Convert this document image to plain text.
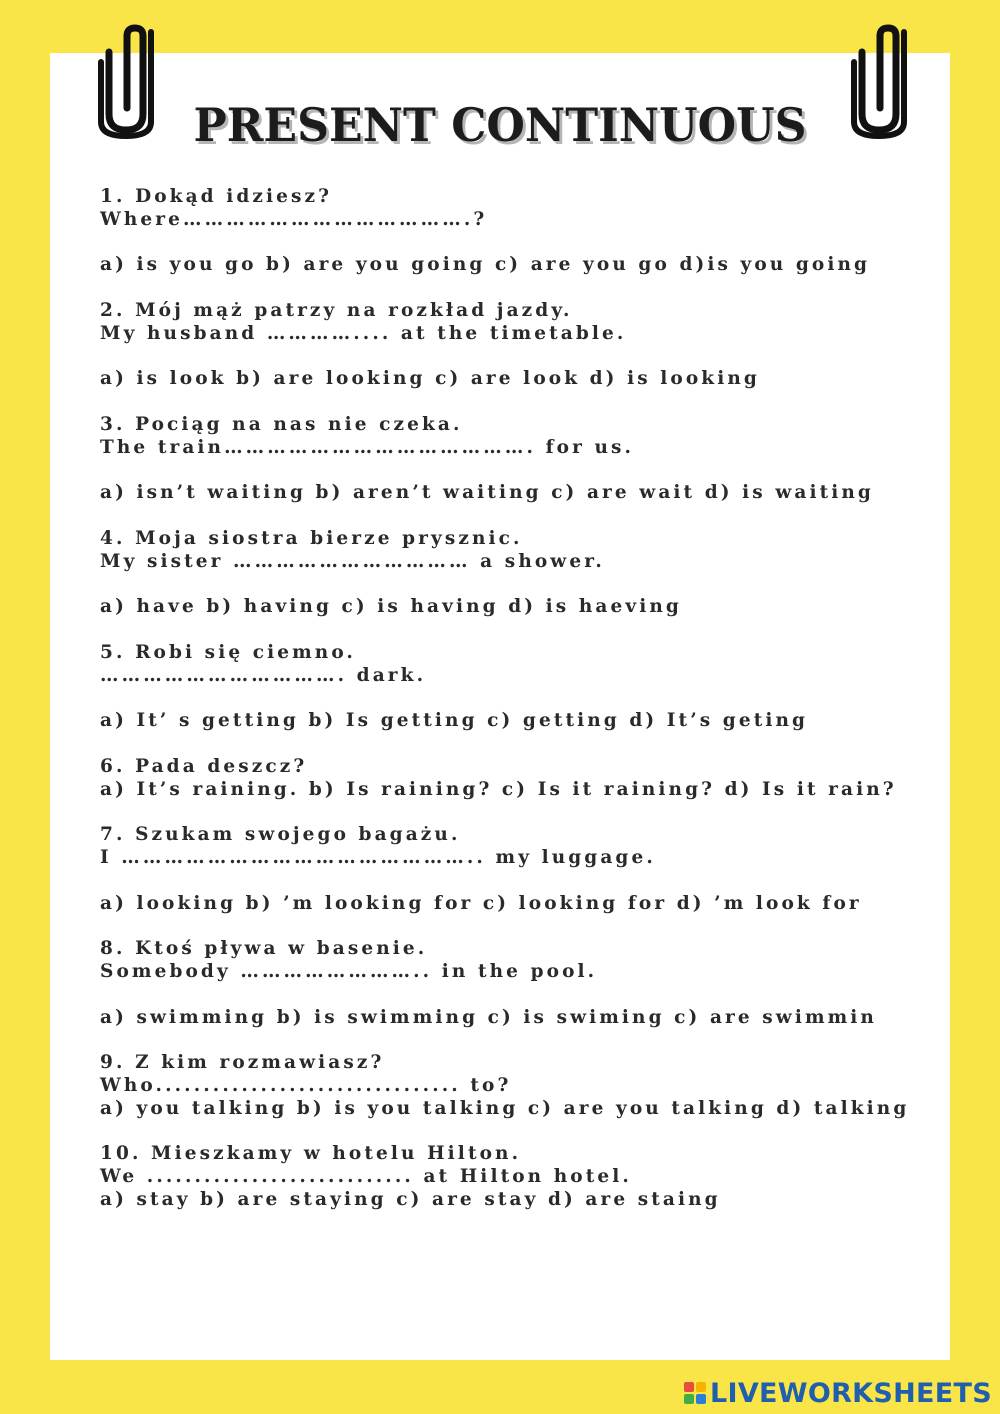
PRESENT CONTINUOUS
1. Dokąd idziesz?
Where………………………………….?
a) is you go b) are you going c) are you go d)is you going
2. Mój mąż patrzy na rozkład jazdy.
My husband ………….... at the timetable.
a) is look b) are looking c) are look d) is looking
3. Pociąg na nas nie czeka.
The train……………………………………. for us.
a) isn’t waiting b) aren’t waiting c) are wait d) is waiting
4. Moja siostra bierze prysznic.
My sister …………………………… a shower.
a) have b) having c) is having d) is haeving
5. Robi się ciemno.
……………………………. dark.
a) It’ s getting b) Is getting c) getting d) It’s geting
6. Pada deszcz?
a) It’s raining. b) Is raining? c) Is it raining? d) Is it rain?
7. Szukam swojego bagażu.
I ………………………………………….. my luggage.
a) looking b) ’m looking for c) looking for d) ’m look for
8. Ktoś pływa w basenie.
Somebody …………………….. in the pool.
a) swimming b) is swimming c) is swiming c) are swimmin
9. Z kim rozmawiasz?
Who................................ to?
a) you talking b) is you talking c) are you talking d) talking
10. Mieszkamy w hotelu Hilton.
We ............................ at Hilton hotel.
a) stay b) are staying c) are stay d) are staing
LIVEWORKSHEETS
